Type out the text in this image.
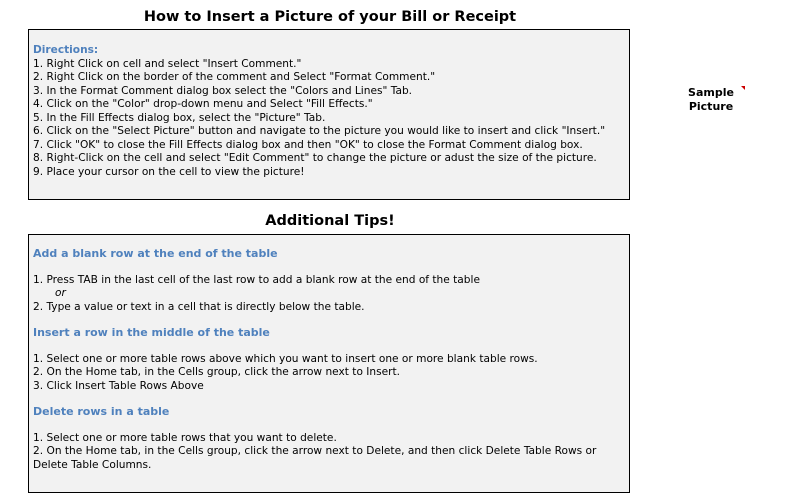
How to Insert a Picture of your Bill or Receipt
Directions:
1. Right Click on cell and select "Insert Comment."
2. Right Click on the border of the comment and Select "Format Comment."
3. In the Format Comment dialog box select the "Colors and Lines" Tab.
4. Click on the "Color" drop-down menu and Select "Fill Effects."
5. In the Fill Effects dialog box, select the "Picture" Tab.
6. Click on the "Select Picture" button and navigate to the picture you would like to insert and click "Insert."
7. Click "OK" to close the Fill Effects dialog box and then "OK" to close the Format Comment dialog box.
8. Right-Click on the cell and select "Edit Comment" to change the picture or adust the size of the picture.
9. Place your cursor on the cell to view the picture!
Sample
Picture
Additional Tips!
Add a blank row at the end of the table
1. Press TAB in the last cell of the last row to add a blank row at the end of the table
or
2. Type a value or text in a cell that is directly below the table.
Insert a row in the middle of the table
1. Select one or more table rows above which you want to insert one or more blank table rows.
2. On the Home tab, in the Cells group, click the arrow next to Insert.
3. Click Insert Table Rows Above
Delete rows in a table
1. Select one or more table rows that you want to delete.
2. On the Home tab, in the Cells group, click the arrow next to Delete, and then click Delete Table Rows or
Delete Table Columns.
